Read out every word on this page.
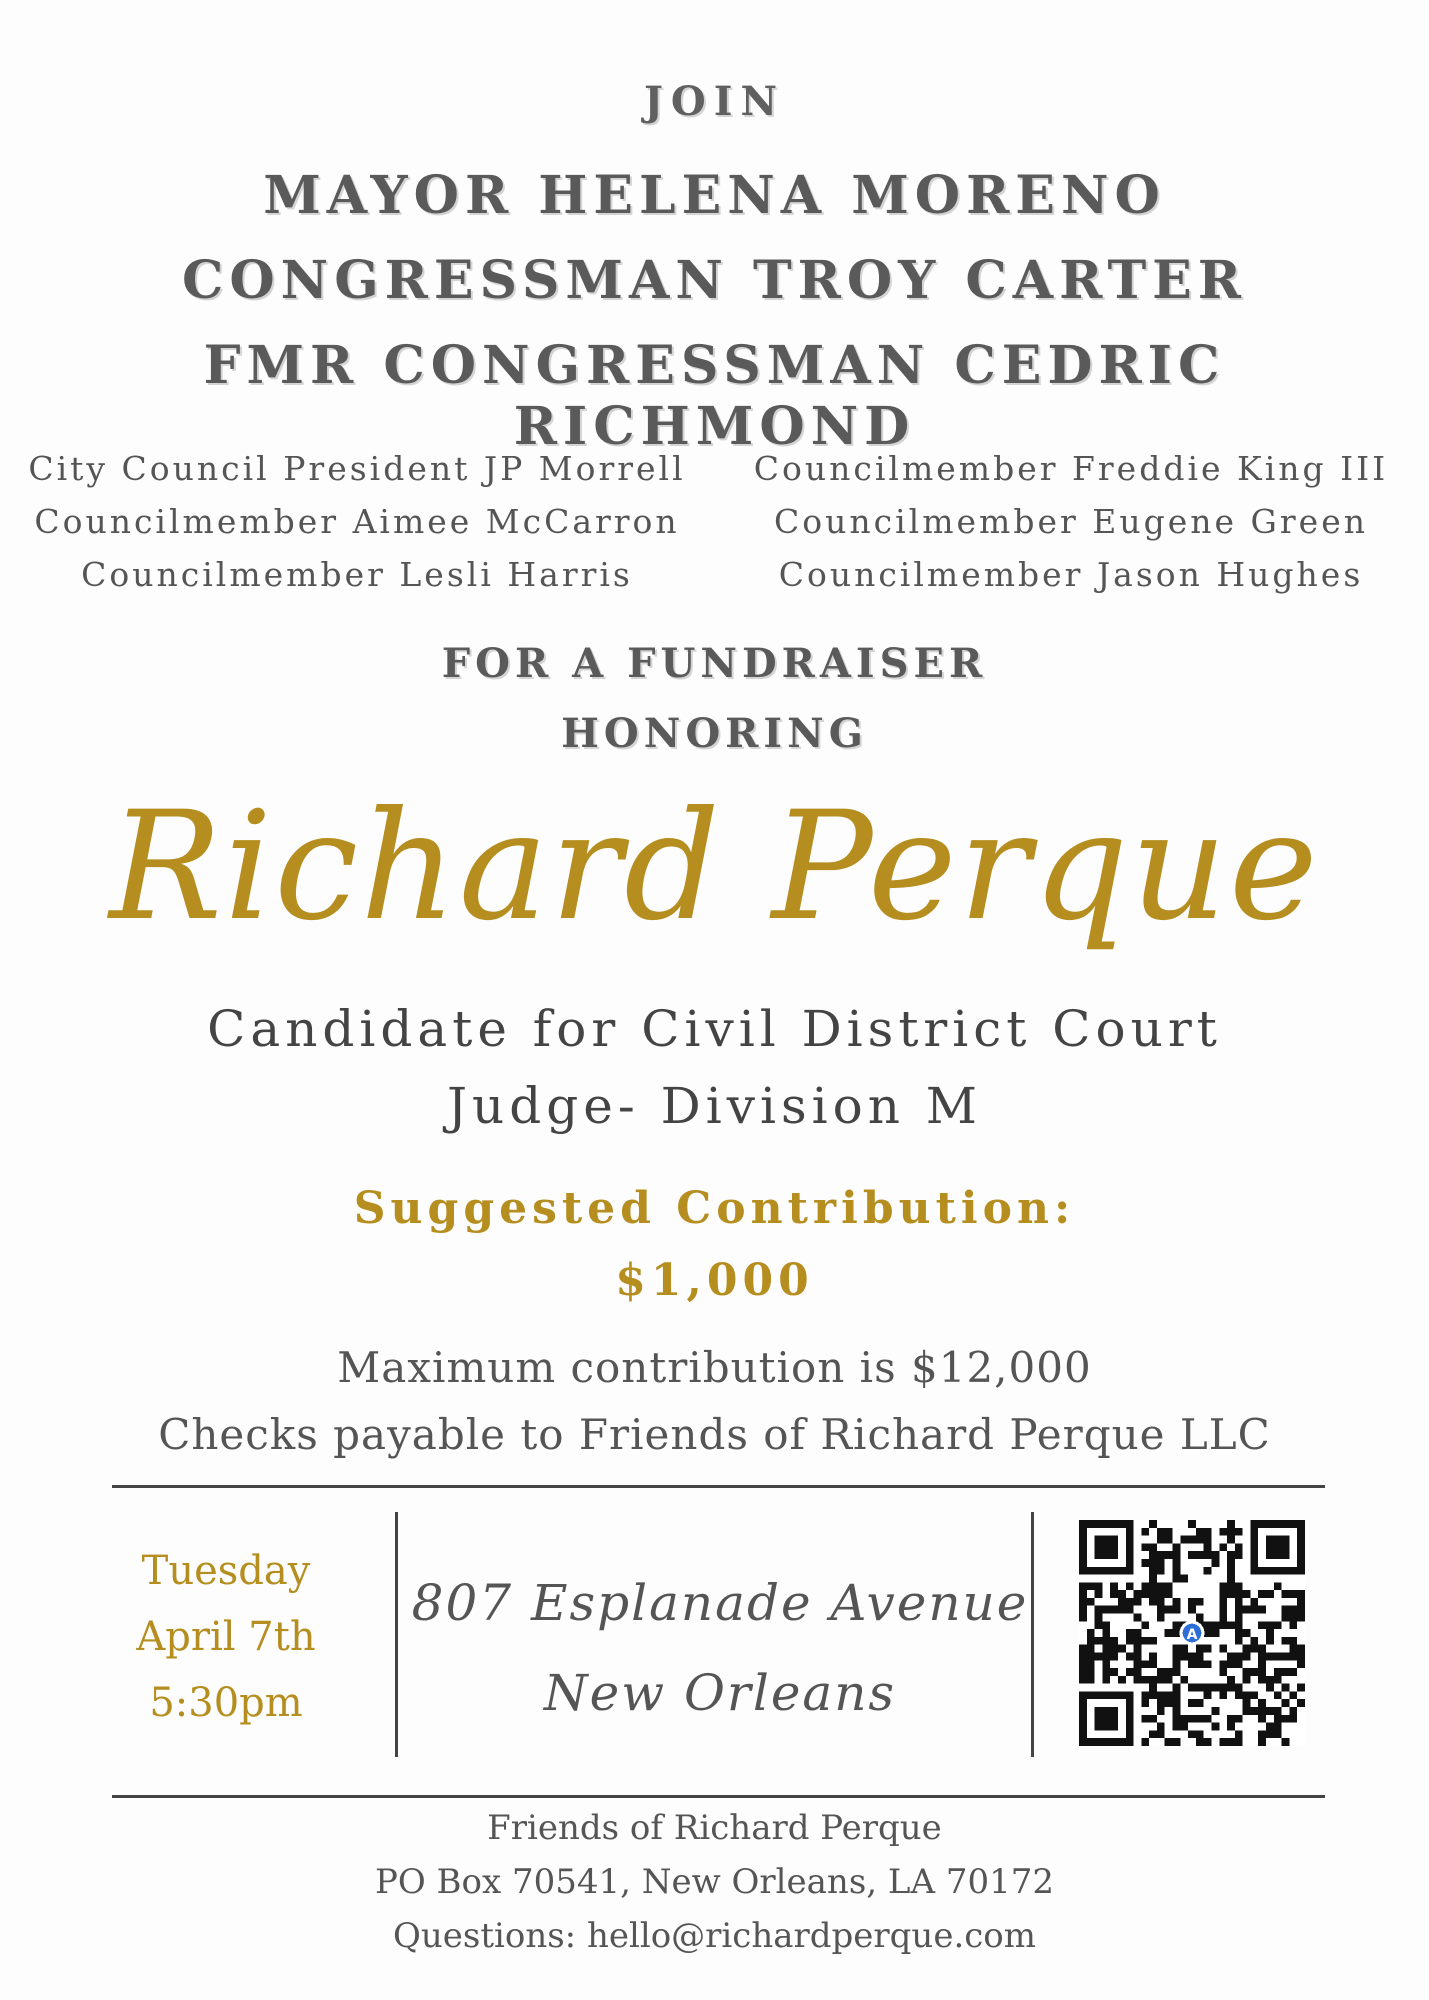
JOIN
MAYOR HELENA MORENO
CONGRESSMAN TROY CARTER
FMR CONGRESSMAN CEDRIC RICHMOND
City Council President JP Morrell
Councilmember Aimee McCarron
Councilmember Lesli Harris
Councilmember Freddie King III
Councilmember Eugene Green
Councilmember Jason Hughes
FOR A FUNDRAISER
HONORING
Richard Perque
Candidate for Civil District Court
Judge- Division M
Suggested Contribution:
$1,000
Maximum contribution is $12,000
Checks payable to Friends of Richard Perque LLC
Tuesday
April 7th
5:30pm
807 Esplanade Avenue
New Orleans
A
Friends of Richard Perque
PO Box 70541, New Orleans, LA 70172
Questions: hello@richardperque.com
